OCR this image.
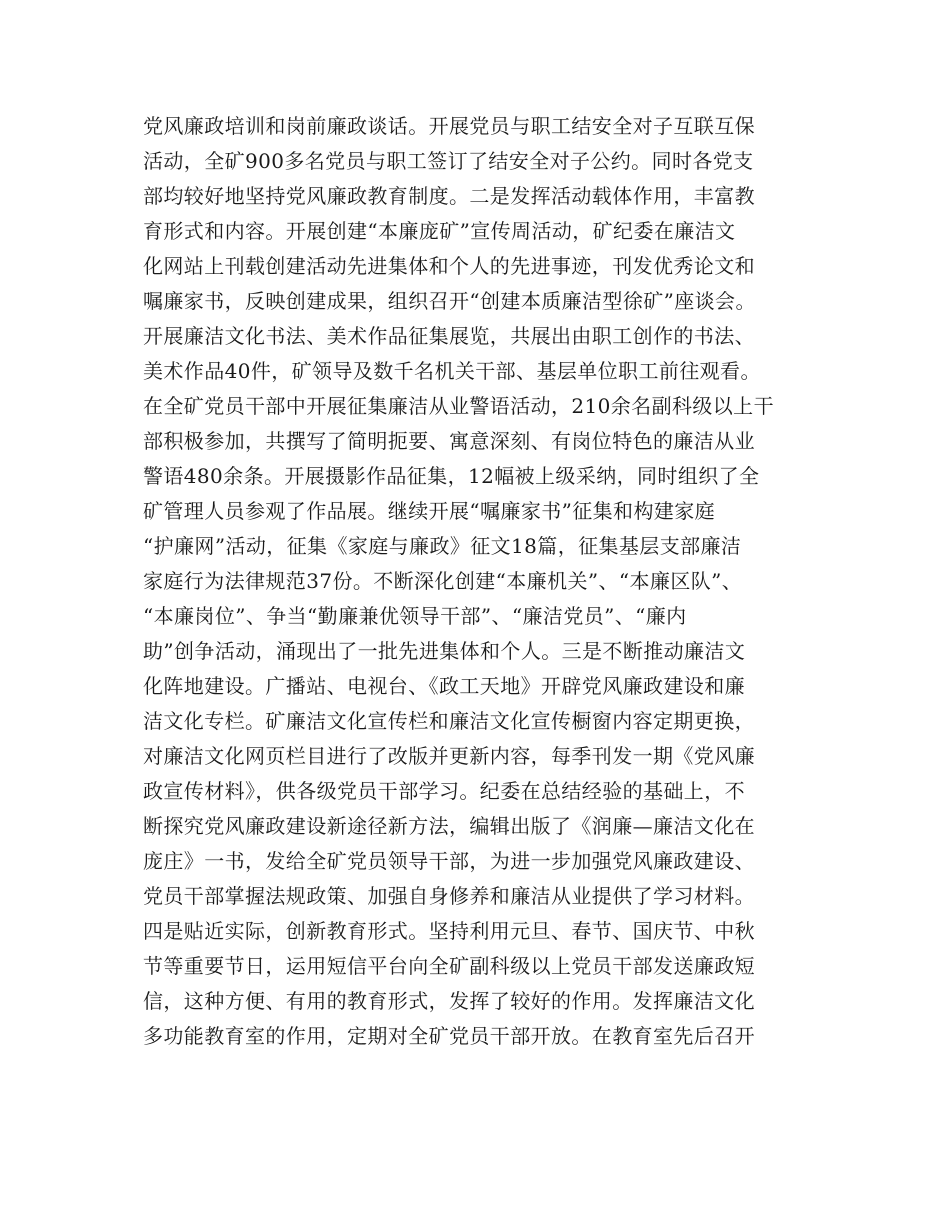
党风廉政培训和岗前廉政谈话。开展党员与职工结安全对子互联互保
活动，全矿900多名党员与职工签订了结安全对子公约。同时各党支
部均较好地坚持党风廉政教育制度。二是发挥活动载体作用，丰富教
育形式和内容。开展创建“本廉庞矿”宣传周活动，矿纪委在廉洁文
化网站上刊载创建活动先进集体和个人的先进事迹，刊发优秀论文和
嘱廉家书，反映创建成果，组织召开“创建本质廉洁型徐矿”座谈会。
开展廉洁文化书法、美术作品征集展览，共展出由职工创作的书法、
美术作品40件，矿领导及数千名机关干部、基层单位职工前往观看。
在全矿党员干部中开展征集廉洁从业警语活动，210余名副科级以上干
部积极参加，共撰写了简明扼要、寓意深刻、有岗位特色的廉洁从业
警语480余条。开展摄影作品征集，12幅被上级采纳，同时组织了全
矿管理人员参观了作品展。继续开展“嘱廉家书”征集和构建家庭
“护廉网”活动，征集《家庭与廉政》征文18篇，征集基层支部廉洁
家庭行为法律规范37份。不断深化创建“本廉机关”、“本廉区队”、
“本廉岗位”、争当“勤廉兼优领导干部”、“廉洁党员”、“廉内
助”创争活动，涌现出了一批先进集体和个人。三是不断推动廉洁文
化阵地建设。广播站、电视台、《政工天地》开辟党风廉政建设和廉
洁文化专栏。矿廉洁文化宣传栏和廉洁文化宣传橱窗内容定期更换，
对廉洁文化网页栏目进行了改版并更新内容，每季刊发一期《党风廉
政宣传材料》，供各级党员干部学习。纪委在总结经验的基础上，不
断探究党风廉政建设新途径新方法，编辑出版了《润廉—廉洁文化在
庞庄》一书，发给全矿党员领导干部，为进一步加强党风廉政建设、
党员干部掌握法规政策、加强自身修养和廉洁从业提供了学习材料。
四是贴近实际，创新教育形式。坚持利用元旦、春节、国庆节、中秋
节等重要节日，运用短信平台向全矿副科级以上党员干部发送廉政短
信，这种方便、有用的教育形式，发挥了较好的作用。发挥廉洁文化
多功能教育室的作用，定期对全矿党员干部开放。在教育室先后召开
